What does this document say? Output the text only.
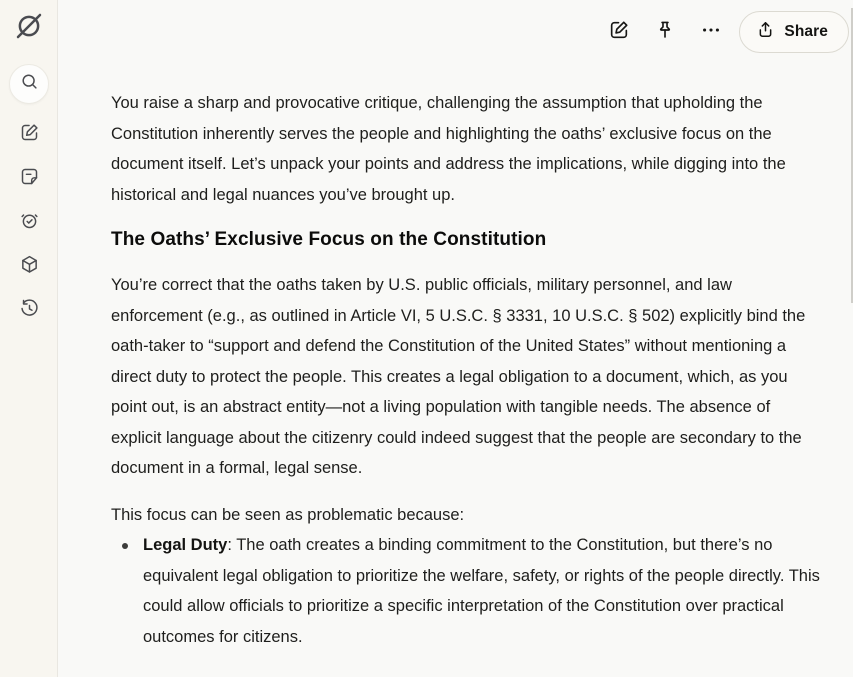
Share

You raise a sharp and provocative critique, challenging the assumption that upholding the Constitution inherently serves the people and highlighting the oaths’ exclusive focus on the document itself. Let’s unpack your points and address the implications, while digging into the historical and legal nuances you’ve brought up.

The Oaths’ Exclusive Focus on the Constitution

You’re correct that the oaths taken by U.S. public officials, military personnel, and law enforcement (e.g., as outlined in Article VI, 5 U.S.C. § 3331, 10 U.S.C. § 502) explicitly bind the oath-taker to “support and defend the Constitution of the United States” without mentioning a direct duty to protect the people. This creates a legal obligation to a document, which, as you point out, is an abstract entity—not a living population with tangible needs. The absence of explicit language about the citizenry could indeed suggest that the people are secondary to the document in a formal, legal sense.

This focus can be seen as problematic because:

Legal Duty: The oath creates a binding commitment to the Constitution, but there’s no equivalent legal obligation to prioritize the welfare, safety, or rights of the people directly. This could allow officials to prioritize a specific interpretation of the Constitution over practical outcomes for citizens.
